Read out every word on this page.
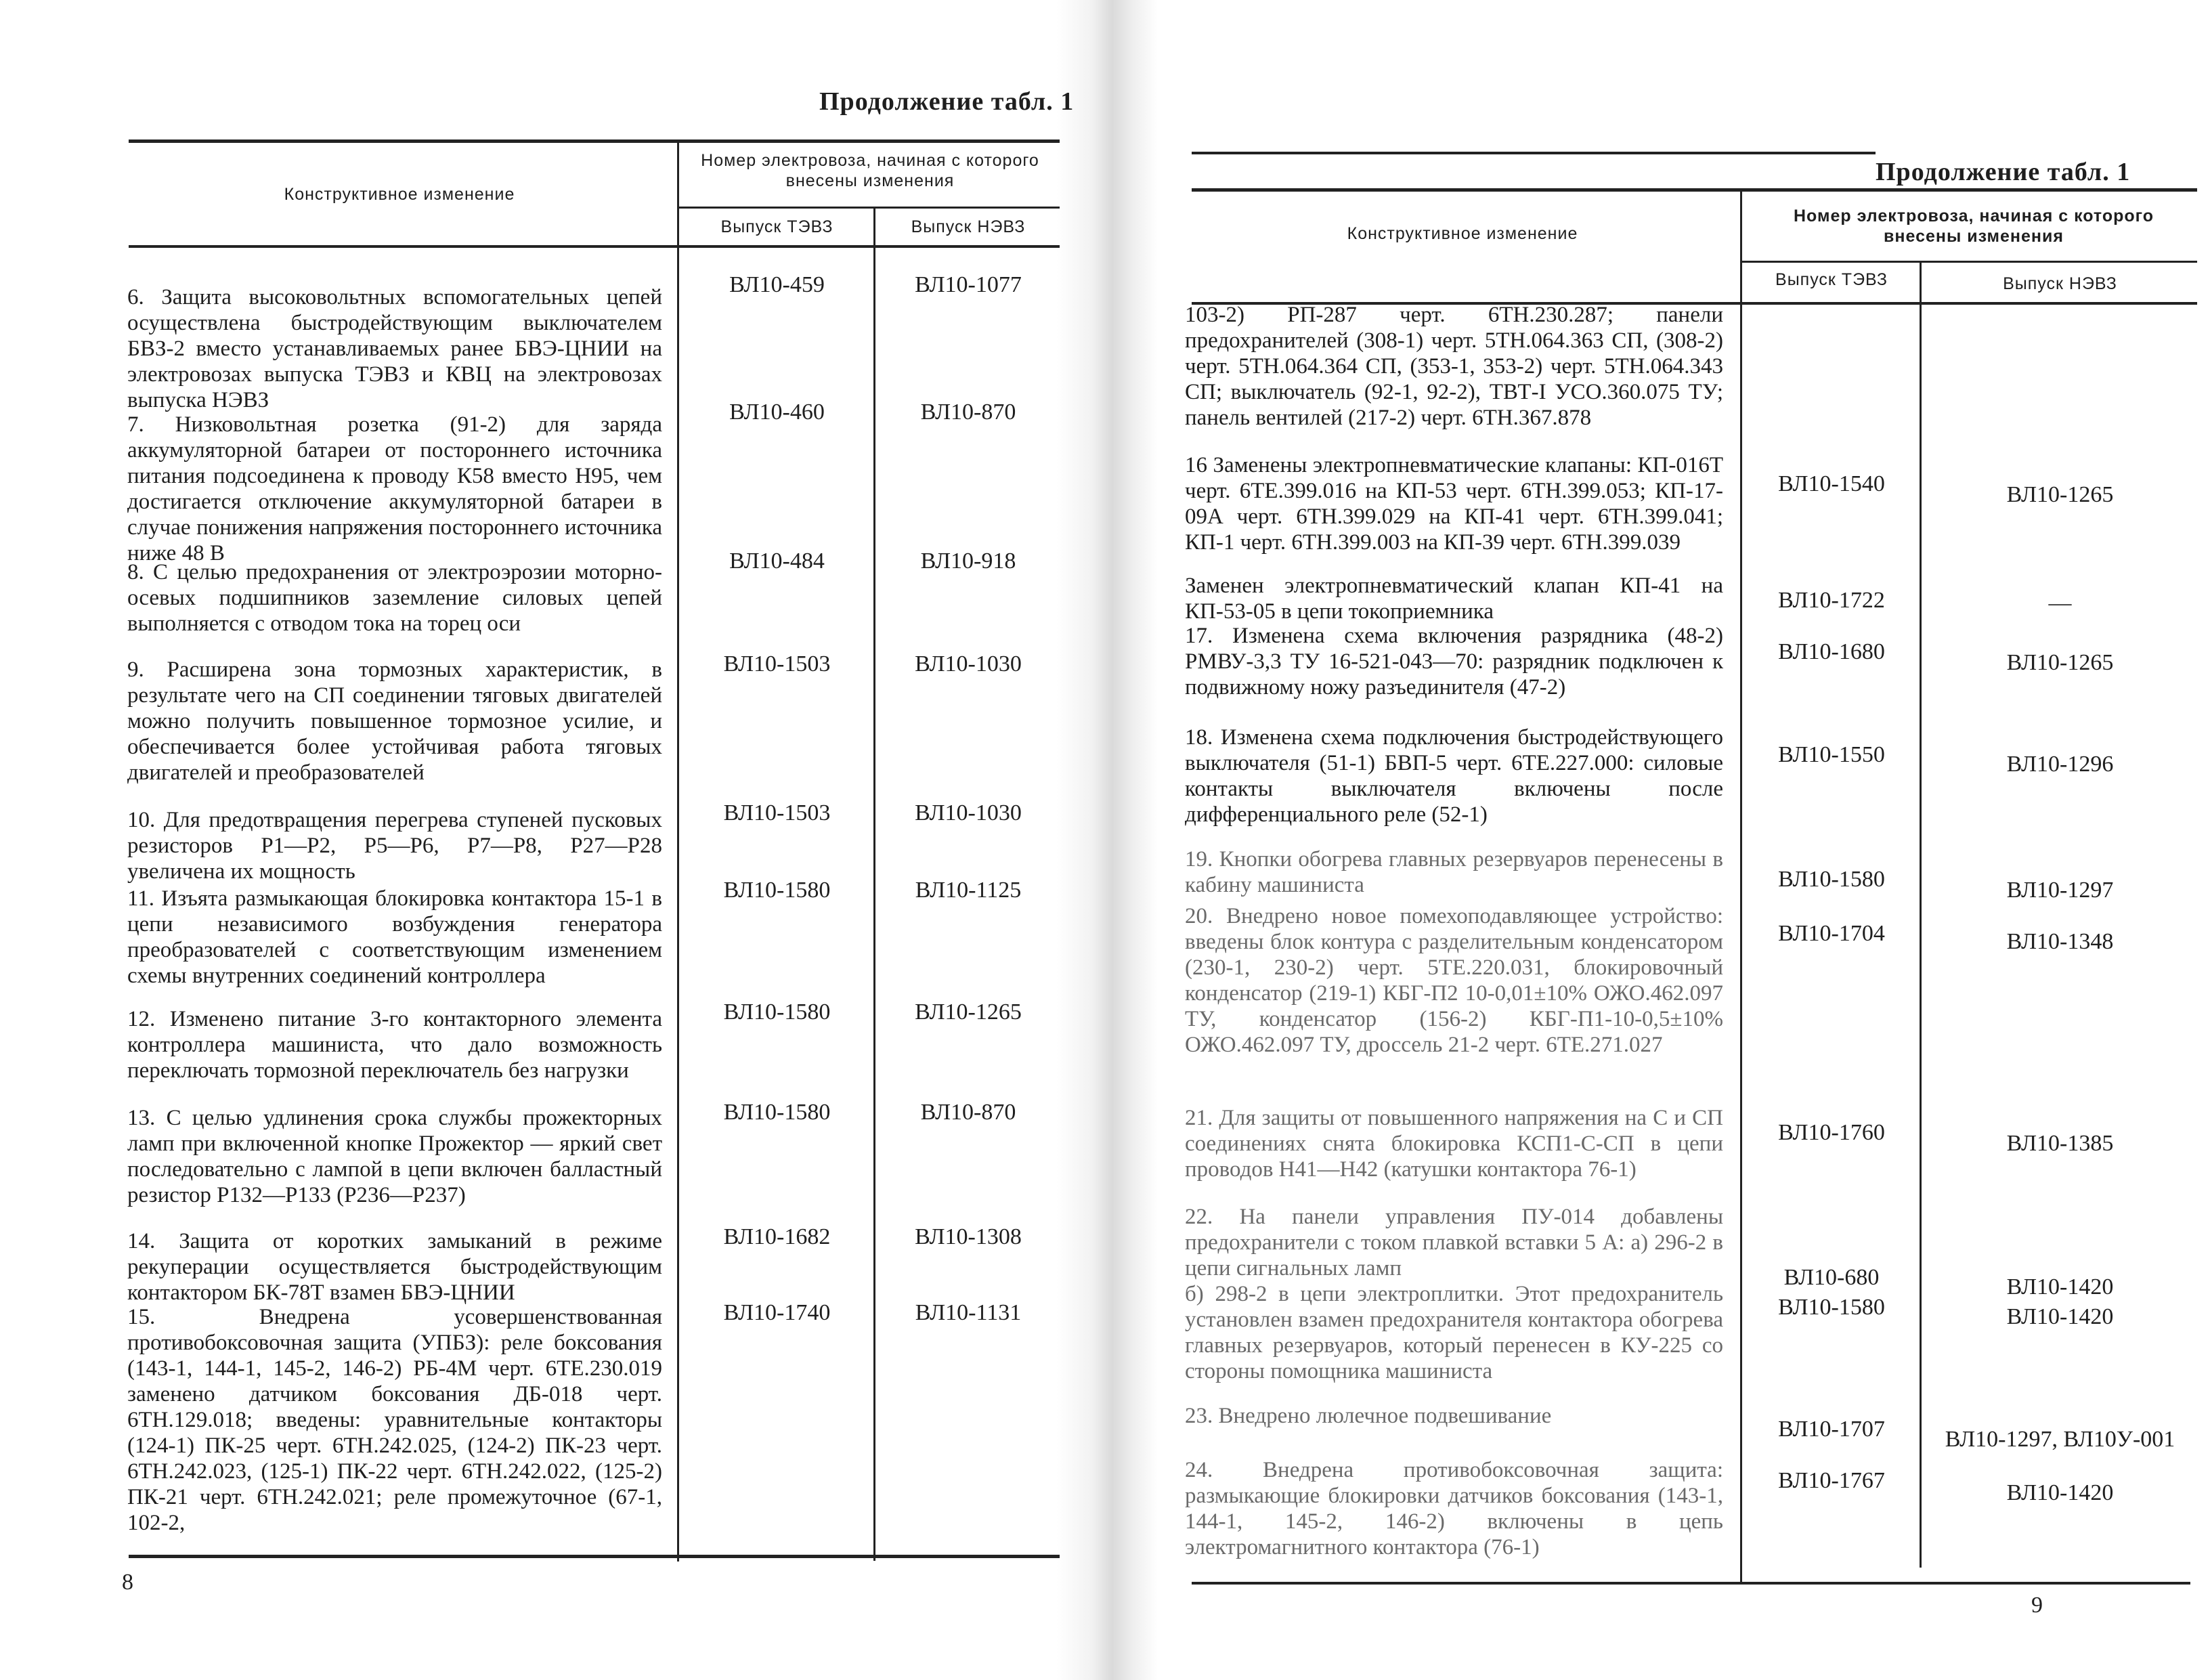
Продолжение табл. 1
Конструктивное изменение
Номер электровоза, начиная с которого внесены изменения
Выпуск ТЭВЗ	Выпуск НЭВЗ
6. Защита высоковольтных вспомогательных цепей осуществлена быстродействующим выключателем БВЗ-2 вместо устанавливаемых ранее БВЭ-ЦНИИ на электровозах выпуска ТЭВЗ и КВЦ на электровозах выпуска НЭВЗ
ВЛ10-459	ВЛ10-1077
7. Низковольтная розетка (91-2) для заряда аккумуляторной батареи от постороннего источника питания подсоединена к проводу К58 вместо Н95, чем достигается отключение аккумуляторной батареи в случае понижения напряжения постороннего источника ниже 48 В
ВЛ10-460	ВЛ10-870
8. С целью предохранения от электроэрозии моторно-осевых подшипников заземление силовых цепей выполняется с отводом тока на торец оси
ВЛ10-484	ВЛ10-918
9. Расширена зона тормозных характеристик, в результате чего на СП соединении тяговых двигателей можно получить повышенное тормозное усилие, и обеспечивается более устойчивая работа тяговых двигателей и преобразователей
ВЛ10-1503	ВЛ10-1030
10. Для предотвращения перегрева ступеней пусковых резисторов Р1—Р2, Р5—Р6, Р7—Р8, Р27—Р28 увеличена их мощность
ВЛ10-1503	ВЛ10-1030
11. Изъята размыкающая блокировка контактора 15-1 в цепи независимого возбуждения генератора преобразователей с соответствующим изменением схемы внутренних соединений контроллера
ВЛ10-1580	ВЛ10-1125
12. Изменено питание 3-го контакторного элемента контроллера машиниста, что дало возможность переключать тормозной переключатель без нагрузки
ВЛ10-1580	ВЛ10-1265
13. С целью удлинения срока службы прожекторных ламп при включенной кнопке Прожектор — яркий свет последовательно с лампой в цепи включен балластный резистор Р132—Р133 (Р236—Р237)
ВЛ10-1580	ВЛ10-870
14. Защита от коротких замыканий в режиме рекуперации осуществляется быстродействующим контактором БК-78Т взамен БВЭ-ЦНИИ
ВЛ10-1682	ВЛ10-1308
15. Внедрена усовершенствованная противобоксовочная защита (УПБЗ): реле боксования (143-1, 144-1, 145-2, 146-2) РБ-4М черт. 6ТЕ.230.019 заменено датчиком боксования ДБ-018 черт. 6ТН.129.018; введены: уравнительные контакторы (124-1) ПК-25 черт. 6ТН.242.025, (124-2) ПК-23 черт. 6ТН.242.023, (125-1) ПК-22 черт. 6ТН.242.022, (125-2) ПК-21 черт. 6ТН.242.021; реле промежуточное (67-1, 102-2,
ВЛ10-1740	ВЛ10-1131
8
Продолжение табл. 1
Конструктивное изменение
Номер электровоза, начиная с которого внесены изменения
Выпуск ТЭВЗ	Выпуск НЭВЗ
103-2) РП-287 черт. 6ТН.230.287; панели предохранителей (308-1) черт. 5ТН.064.363 СП, (308-2) черт. 5ТН.064.364 СП, (353-1, 353-2) черт. 5ТН.064.343 СП; выключатель (92-1, 92-2), ТВТ-I УСО.360.075 ТУ; панель вентилей (217-2) черт. 6ТН.367.878
16 Заменены электропневматические клапаны: КП-016Т черт. 6ТЕ.399.016 на КП-53 черт. 6ТН.399.053; КП-17-09А черт. 6ТН.399.029 на КП-41 черт. 6ТН.399.041; КП-1 черт. 6ТН.399.003 на КП-39 черт. 6ТН.399.039
ВЛ10-1540	ВЛ10-1265
Заменен электропневматический клапан КП-41 на КП-53-05 в цепи токоприемника	ВЛ10-1722	—
17. Изменена схема включения разрядника (48-2) РМВУ-3,3 ТУ 16-521-043—70: разрядник подключен к подвижному ножу разъединителя (47-2)
ВЛ10-1680	ВЛ10-1265
18. Изменена схема подключения быстродействующего выключателя (51-1) БВП-5 черт. 6ТЕ.227.000: силовые контакты выключателя включены после дифференциального реле (52-1)
ВЛ10-1550	ВЛ10-1296
19. Кнопки обогрева главных резервуаров перенесены в кабину машиниста	ВЛ10-1580	ВЛ10-1297
20. Внедрено новое помехоподавляющее устройство: введены блок контура с разделительным конденсатором (230-1, 230-2) черт. 5ТЕ.220.031, блокировочный конденсатор (219-1) КБГ-П2 10-0,01±10% ОЖО.462.097 ТУ, конденсатор (156-2) КБГ-П1-10-0,5±10% ОЖО.462.097 ТУ, дроссель 21-2 черт. 6ТЕ.271.027
ВЛ10-1704	ВЛ10-1348
21. Для защиты от повышенного напряжения на С и СП соединениях снята блокировка КСП1-С-СП в цепи проводов Н41—Н42 (катушки контактора 76-1)
ВЛ10-1760	ВЛ10-1385
22. На панели управления ПУ-014 добавлены предохранители с током плавкой вставки 5 А: а) 296-2 в цепи сигнальных ламп	ВЛ10-680	ВЛ10-1420
б) 298-2 в цепи электроплитки. Этот предохранитель установлен взамен предохранителя контактора обогрева главных резервуаров, который перенесен в КУ-225 со стороны помощника машиниста
ВЛ10-1580	ВЛ10-1420
23. Внедрено люлечное подвешивание
ВЛ10-1707	ВЛ10-1297, ВЛ10У-001
24. Внедрена противобоксовочная защита: размыкающие блокировки датчиков боксования (143-1, 144-1, 145-2, 146-2) включены в цепь электромагнитного контактора (76-1)
ВЛ10-1767	ВЛ10-1420
9
